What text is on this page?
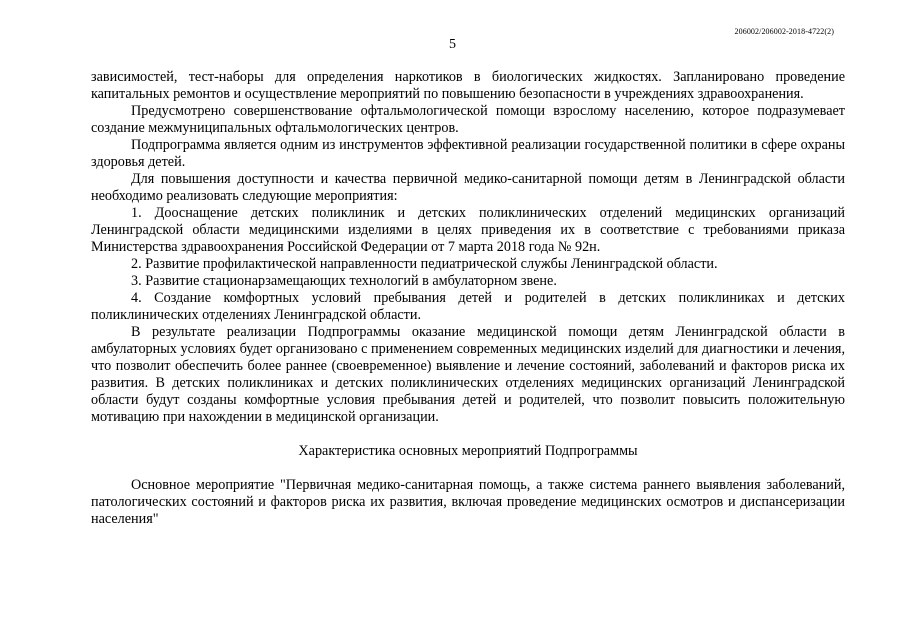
206002/206002-2018-4722(2)
5

зависимостей, тест-наборы для определения наркотиков в биологических жидкостях. Запланировано проведение капитальных ремонтов и осуществление мероприятий по повышению безопасности в учреждениях здравоохранения.

Предусмотрено совершенствование офтальмологической помощи взрослому населению, которое подразумевает создание межмуниципальных офтальмологических центров.

Подпрограмма является одним из инструментов эффективной реализации государственной политики в сфере охраны здоровья детей.

Для повышения доступности и качества первичной медико-санитарной помощи детям в Ленинградской области необходимо реализовать следующие мероприятия:

1. Дооснащение детских поликлиник и детских поликлинических отделений медицинских организаций Ленинградской области медицинскими изделиями в целях приведения их в соответствие с требованиями приказа Министерства здравоохранения Российской Федерации от 7 марта 2018 года № 92н.

2. Развитие профилактической направленности педиатрической службы Ленинградской области.

3. Развитие стационарзамещающих технологий в амбулаторном звене.

4. Создание комфортных условий пребывания детей и родителей в детских поликлиниках и детских поликлинических отделениях Ленинградской области.

В результате реализации Подпрограммы оказание медицинской помощи детям Ленинградской области в амбулаторных условиях будет организовано с применением современных медицинских изделий для диагностики и лечения, что позволит обеспечить более раннее (своевременное) выявление и лечение состояний, заболеваний и факторов риска их развития. В детских поликлиниках и детских поликлинических отделениях медицинских организаций Ленинградской области будут созданы комфортные условия пребывания детей и родителей, что позволит повысить положительную мотивацию при нахождении в медицинской организации.

Характеристика основных мероприятий Подпрограммы

Основное мероприятие "Первичная медико-санитарная помощь, а также система раннего выявления заболеваний, патологических состояний и факторов риска их развития, включая проведение медицинских осмотров и диспансеризации населения"
